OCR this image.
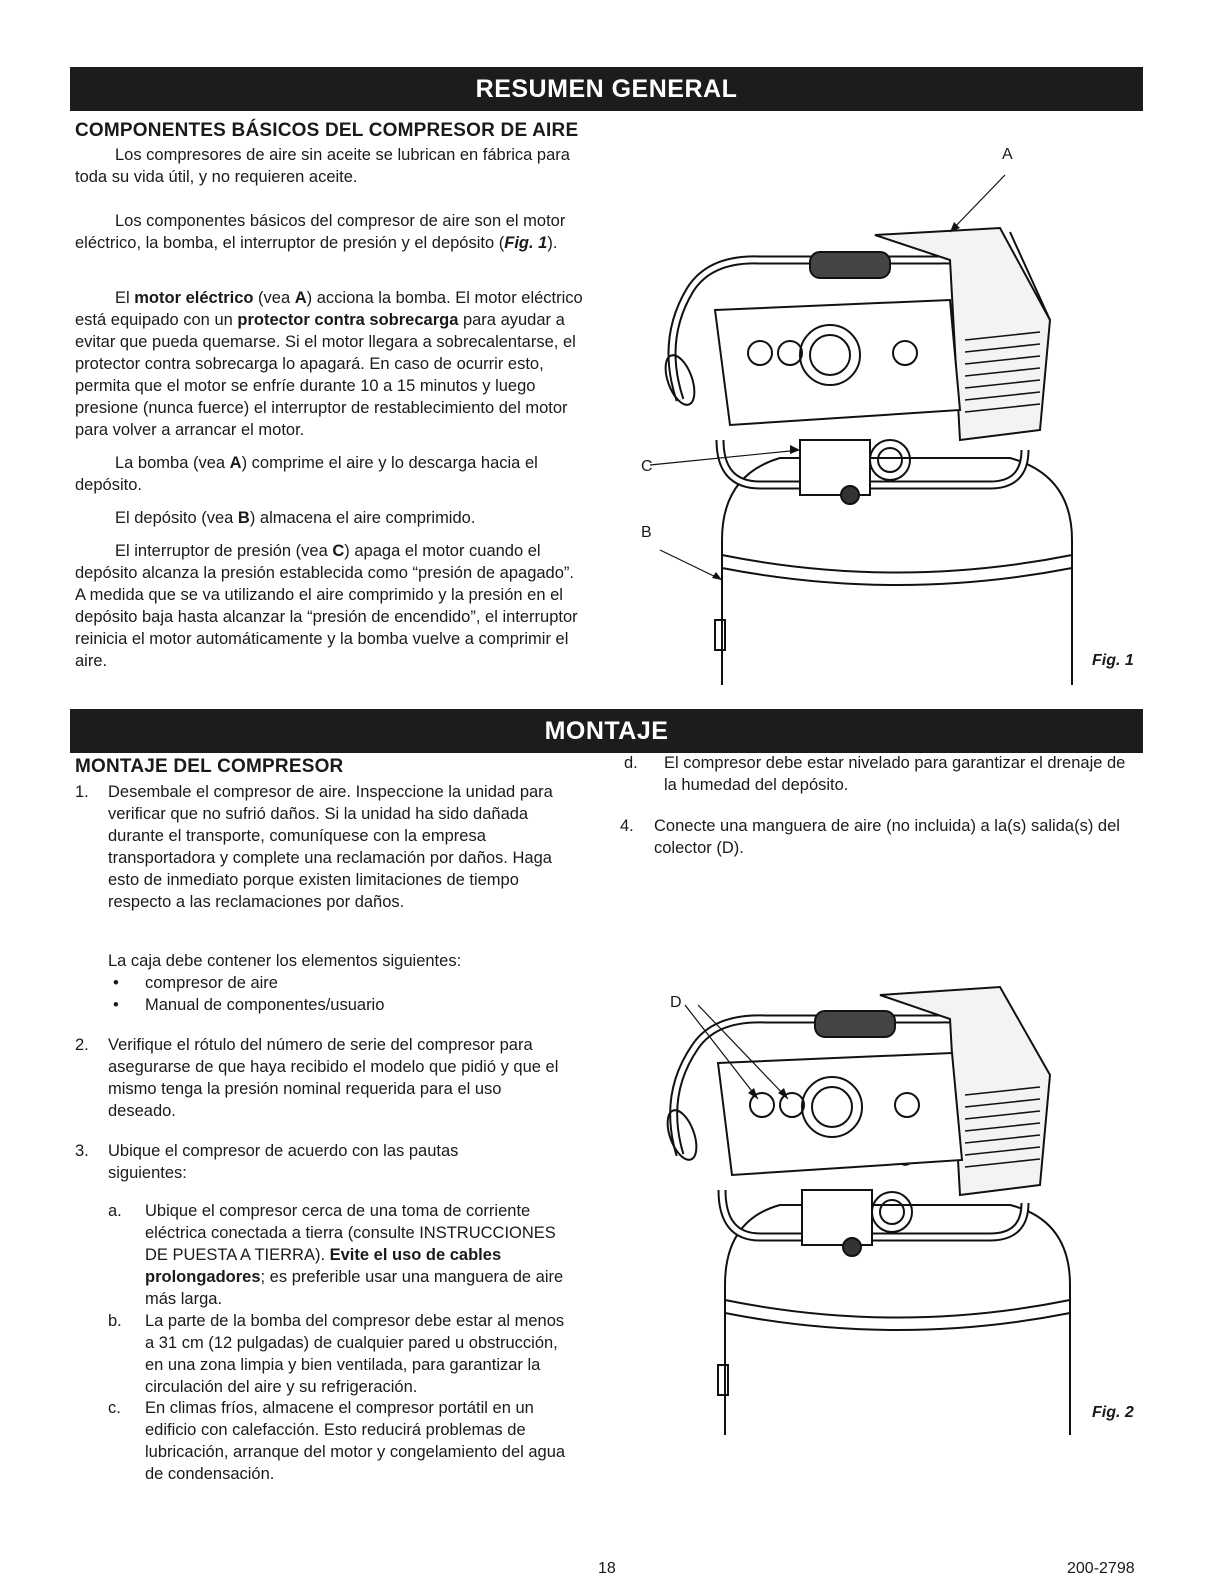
RESUMEN GENERAL
COMPONENTES BÁSICOS DEL COMPRESOR DE AIRE

Los compresores de aire sin aceite se lubrican en fábrica para toda su vida útil, y no requieren aceite.

Los componentes básicos del compresor de aire son el motor eléctrico, la bomba, el interruptor de presión y el depósito (Fig. 1).

El motor eléctrico (vea A) acciona la bomba. El motor eléctrico está equipado con un protector contra sobrecarga para ayudar a evitar que pueda quemarse. Si el motor llegara a sobrecalentarse, el protector contra sobrecarga lo apagará. En caso de ocurrir esto, permita que el motor se enfríe durante 10 a 15 minutos y luego presione (nunca fuerce) el interruptor de restablecimiento del motor para volver a arrancar el motor.

La bomba (vea A) comprime el aire y lo descarga hacia el depósito.

El depósito (vea B) almacena el aire comprimido.

El interruptor de presión (vea C) apaga el motor cuando el depósito alcanza la presión establecida como “presión de apagado”. A medida que se va utilizando el aire comprimido y la presión en el depósito baja hasta alcanzar la “presión de encendido”, el interruptor reinicia el motor automáticamente y la bomba vuelve a comprimir el aire.

A
C
B
Fig. 1
MONTAJE
MONTAJE DEL COMPRESOR
1. Desembale el compresor de aire. Inspeccione la unidad para verificar que no sufrió daños. Si la unidad ha sido dañada durante el transporte, comuníquese con la empresa transportadora y complete una reclamación por daños. Haga esto de inmediato porque existen limitaciones de tiempo respecto a las reclamaciones por daños.
La caja debe contener los elementos siguientes:
• compresor de aire
• Manual de componentes/usuario
2. Verifique el rótulo del número de serie del compresor para asegurarse de que haya recibido el modelo que pidió y que el mismo tenga la presión nominal requerida para el uso deseado.
3. Ubique el compresor de acuerdo con las pautas siguientes:
a. Ubique el compresor cerca de una toma de corriente eléctrica conectada a tierra (consulte INSTRUCCIONES DE PUESTA A TIERRA). Evite el uso de cables prolongadores; es preferible usar una manguera de aire más larga.
b. La parte de la bomba del compresor debe estar al menos a 31 cm (12 pulgadas) de cualquier pared u obstrucción, en una zona limpia y bien ventilada, para garantizar la circulación del aire y su refrigeración.
c. En climas fríos, almacene el compresor portátil en un edificio con calefacción. Esto reducirá problemas de lubricación, arranque del motor y congelamiento del agua de condensación.
d. El compresor debe estar nivelado para garantizar el drenaje de la humedad del depósito.
4. Conecte una manguera de aire (no incluida) a la(s) salida(s) del colector (D).
D
Fig. 2
18	200-2798
